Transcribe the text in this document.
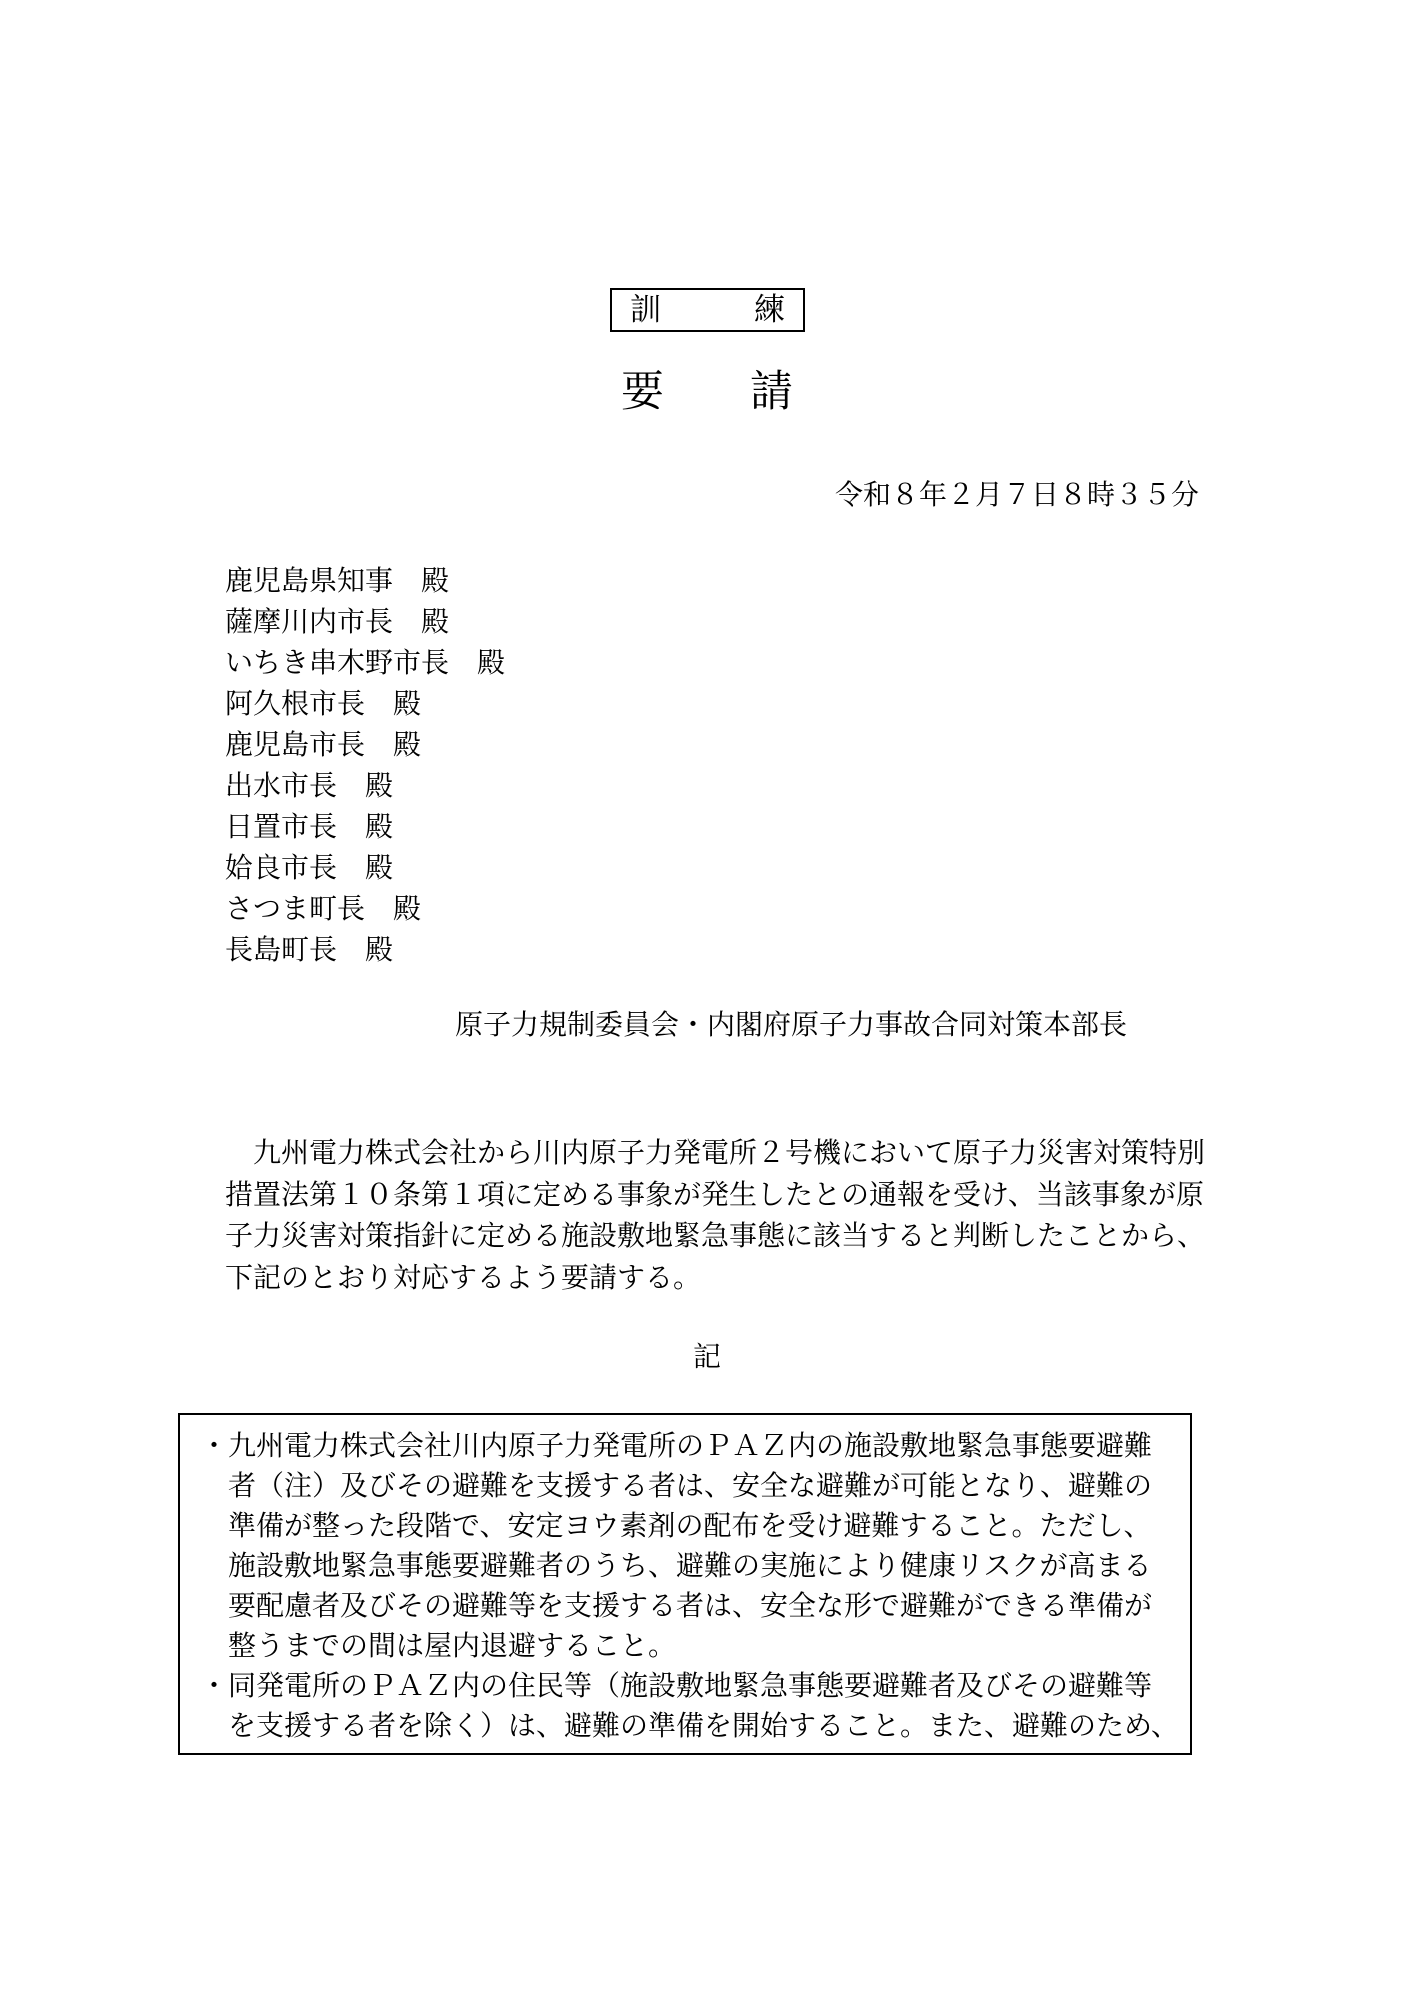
訓　　　練
要　　請
令和８年２月７日８時３５分
鹿児島県知事　殿
薩摩川内市長　殿
いちき串木野市長　殿
阿久根市長　殿
鹿児島市長　殿
出水市長　殿
日置市長　殿
姶良市長　殿
さつま町長　殿
長島町長　殿
原子力規制委員会・内閣府原子力事故合同対策本部長
　九州電力株式会社から川内原子力発電所２号機において原子力災害対策特別
措置法第１０条第１項に定める事象が発生したとの通報を受け、当該事象が原
子力災害対策指針に定める施設敷地緊急事態に該当すると判断したことから、
下記のとおり対応するよう要請する。
記
・九州電力株式会社川内原子力発電所のＰＡＺ内の施設敷地緊急事態要避難
者（注）及びその避難を支援する者は、安全な避難が可能となり、避難の
準備が整った段階で、安定ヨウ素剤の配布を受け避難すること。ただし、
施設敷地緊急事態要避難者のうち、避難の実施により健康リスクが高まる
要配慮者及びその避難等を支援する者は、安全な形で避難ができる準備が
整うまでの間は屋内退避すること。
・同発電所のＰＡＺ内の住民等（施設敷地緊急事態要避難者及びその避難等
を支援する者を除く）は、避難の準備を開始すること。また、避難のため、
